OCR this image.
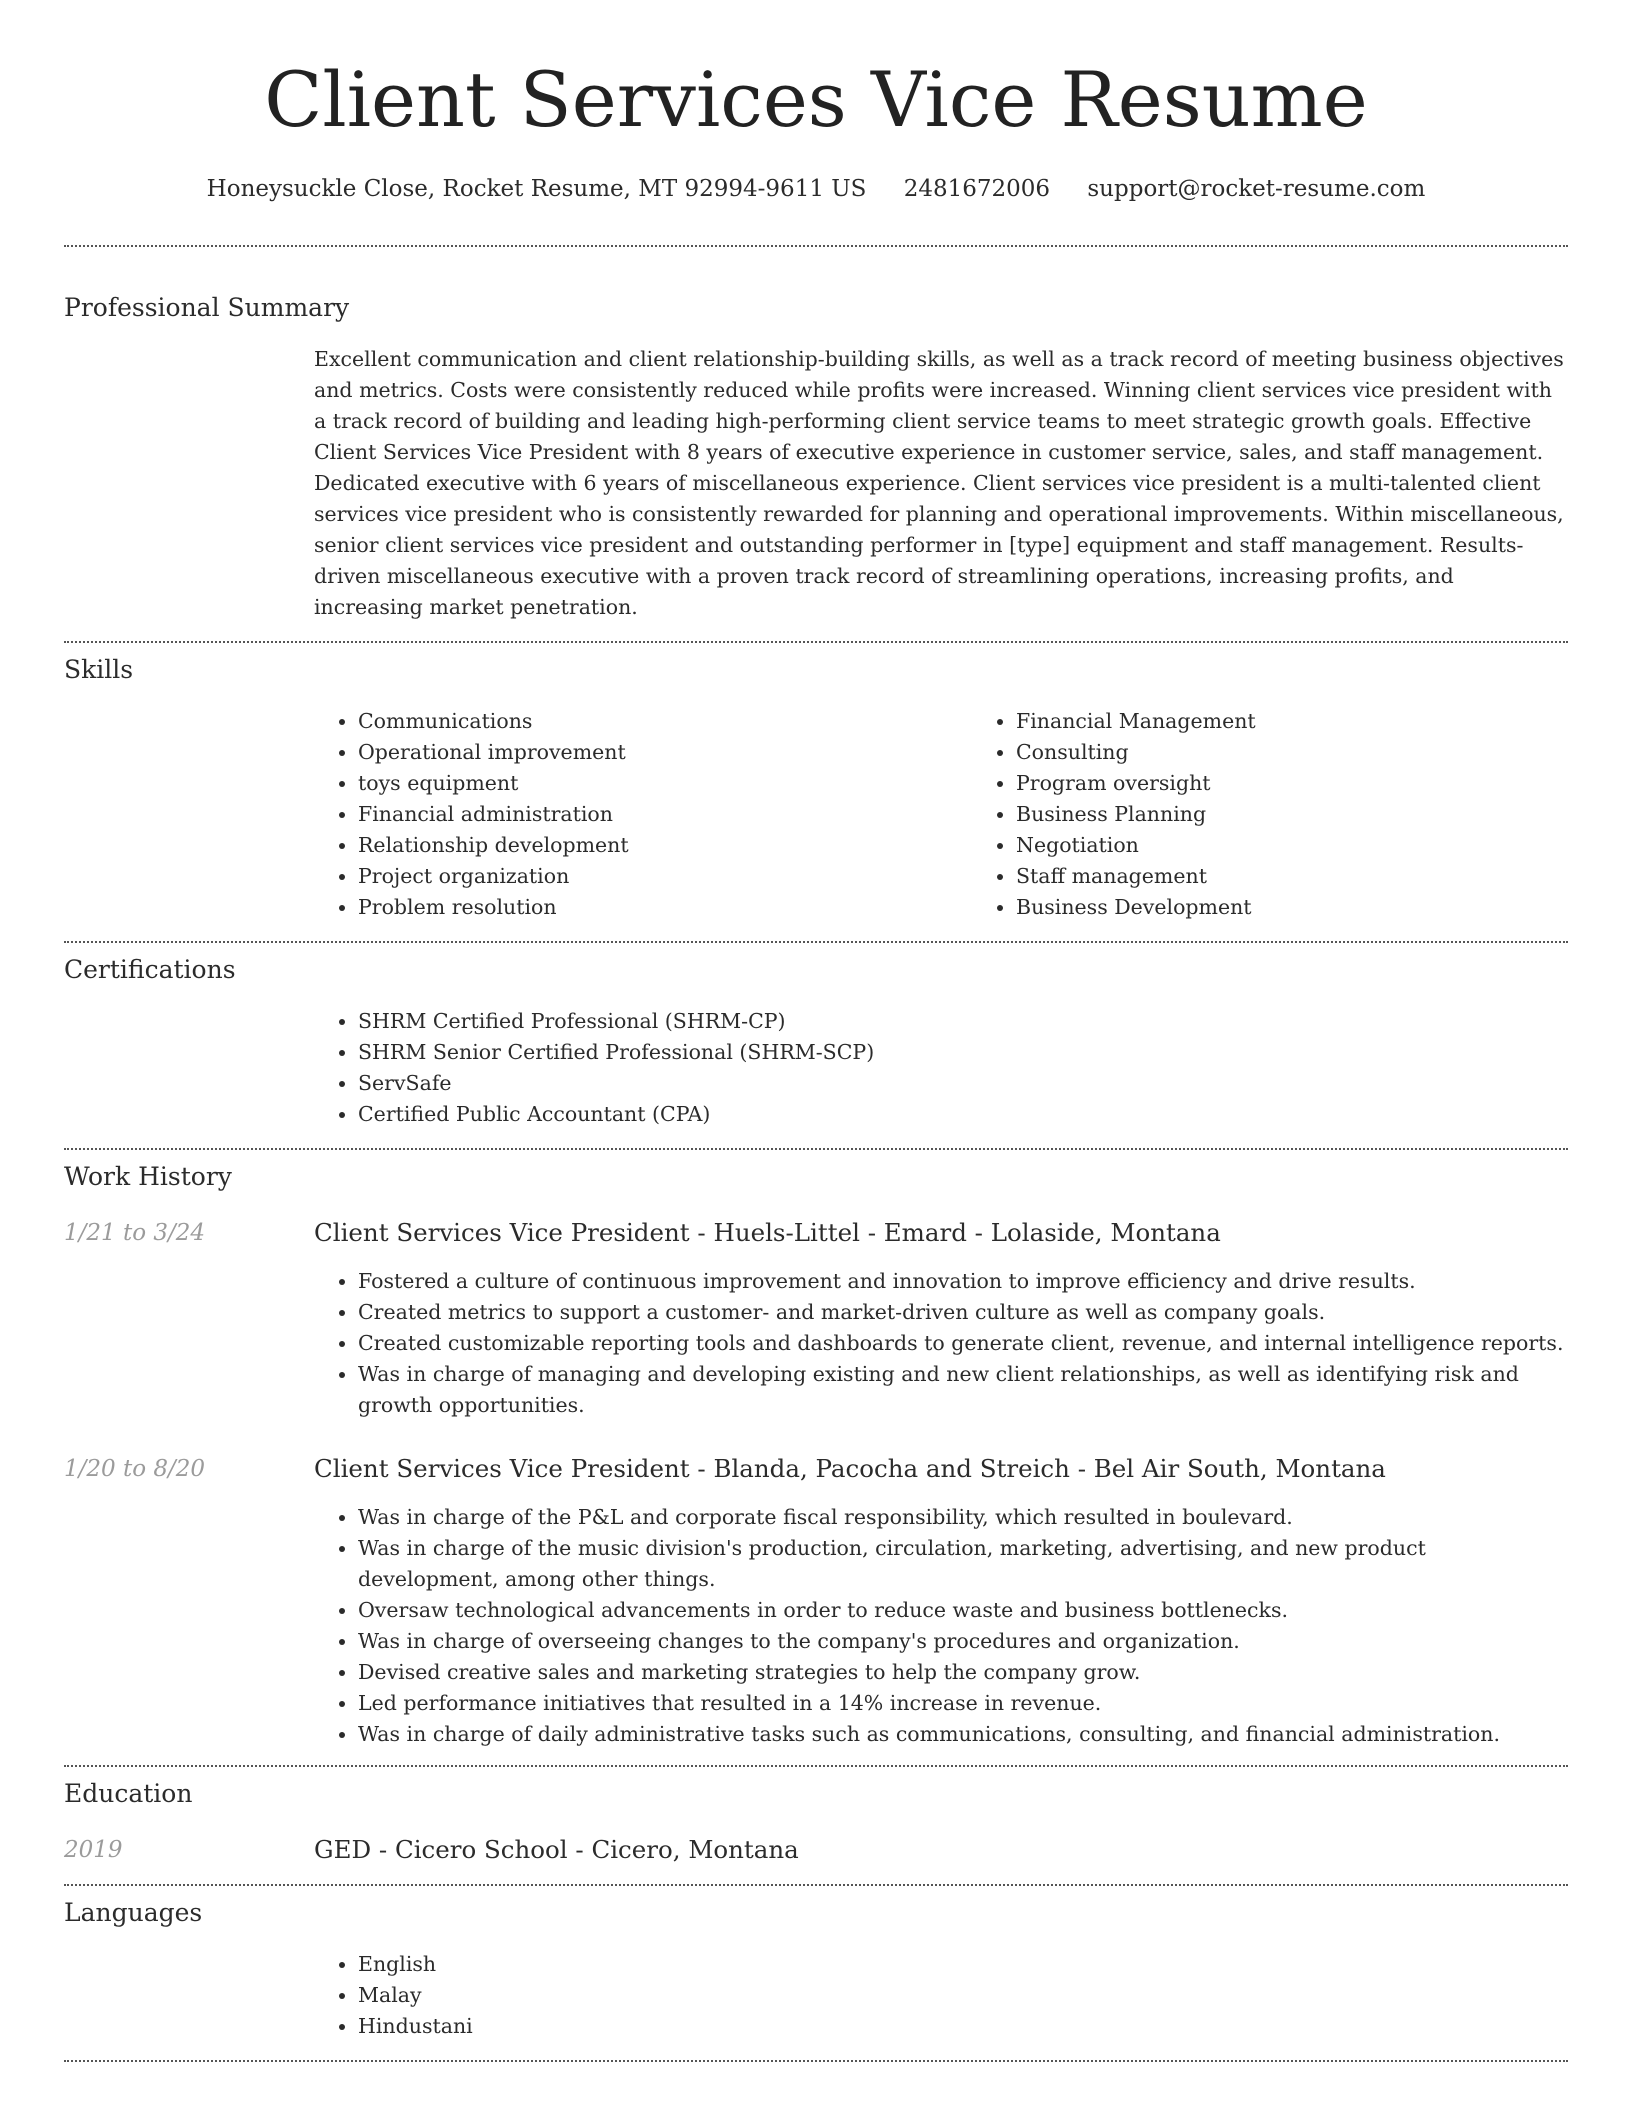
Client Services Vice Resume
Honeysuckle Close, Rocket Resume, MT 92994-9611 US 2481672006 support@rocket-resume.com
Professional Summary

Excellent communication and client relationship-building skills, as well as a track record of meeting business objectives and metrics. Costs were consistently reduced while profits were increased. Winning client services vice president with a track record of building and leading high-performing client service teams to meet strategic growth goals. Effective Client Services Vice President with 8 years of executive experience in customer service, sales, and staff management. Dedicated executive with 6 years of miscellaneous experience. Client services vice president is a multi-talented client services vice president who is consistently rewarded for planning and operational improvements. Within miscellaneous, senior client services vice president and outstanding performer in [type] equipment and staff management. Results-driven miscellaneous executive with a proven track record of streamlining operations, increasing profits, and increasing market penetration.

Skills
• Communications
• Operational improvement
• toys equipment
• Financial administration
• Relationship development
• Project organization
• Problem resolution
• Financial Management
• Consulting
• Program oversight
• Business Planning
• Negotiation
• Staff management
• Business Development
Certifications
• SHRM Certified Professional (SHRM-CP)
• SHRM Senior Certified Professional (SHRM-SCP)
• ServSafe
• Certified Public Accountant (CPA)
Work History
1/21 to 3/24	Client Services Vice President - Huels-Littel - Emard - Lolaside, Montana
• Fostered a culture of continuous improvement and innovation to improve efficiency and drive results.
• Created metrics to support a customer- and market-driven culture as well as company goals.
• Created customizable reporting tools and dashboards to generate client, revenue, and internal intelligence reports.
• Was in charge of managing and developing existing and new client relationships, as well as identifying risk and growth opportunities.
1/20 to 8/20	Client Services Vice President - Blanda, Pacocha and Streich - Bel Air South, Montana
• Was in charge of the P&L and corporate fiscal responsibility, which resulted in boulevard.
• Was in charge of the music division's production, circulation, marketing, advertising, and new product development, among other things.
• Oversaw technological advancements in order to reduce waste and business bottlenecks.
• Was in charge of overseeing changes to the company's procedures and organization.
• Devised creative sales and marketing strategies to help the company grow.
• Led performance initiatives that resulted in a 14% increase in revenue.
• Was in charge of daily administrative tasks such as communications, consulting, and financial administration.
Education
2019	GED - Cicero School - Cicero, Montana
Languages
• English
• Malay
• Hindustani
